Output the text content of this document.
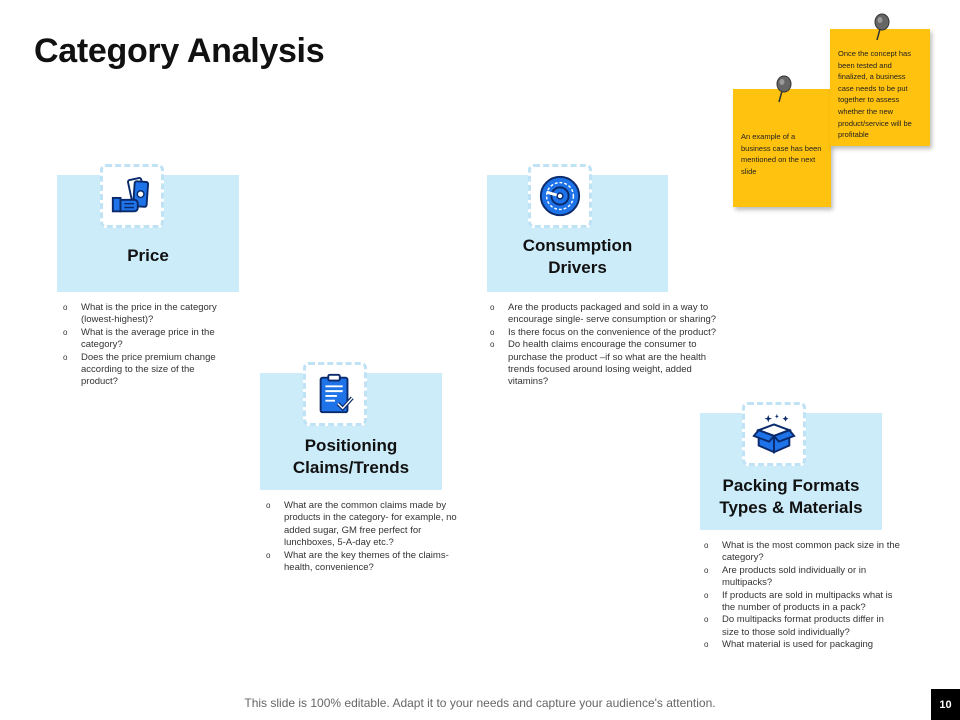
Category Analysis
Price
o What is the price in the category (lowest-highest)?
o What is the average price in the category?
o Does the price premium change according to the size of the product?
Positioning
Claims/Trends
o What are the common claims made by products in the category- for example, no added sugar, GM free perfect for lunchboxes, 5-A-day etc.?
o What are the key themes of the claims- health, convenience?
Consumption
Drivers
o Are the products packaged and sold in a way to encourage single- serve consumption or sharing?
o Is there focus on the convenience of the product?
o Do health claims encourage the consumer to purchase the product –if so what are the health trends focused around losing weight, added vitamins?
Packing Formats
Types & Materials
o What is the most common pack size in the category?
o Are products sold individually or in multipacks?
o If products are sold in multipacks what is the number of products in a pack?
o Do multipacks format products differ in size to those sold individually?
o What material is used for packaging
An example of a business case has been mentioned on the next slide
Once the concept has been tested and finalized, a business case needs to be put together to assess whether the new product/service will be profitable
This slide is 100% editable. Adapt it to your needs and capture your audience's attention.	10
